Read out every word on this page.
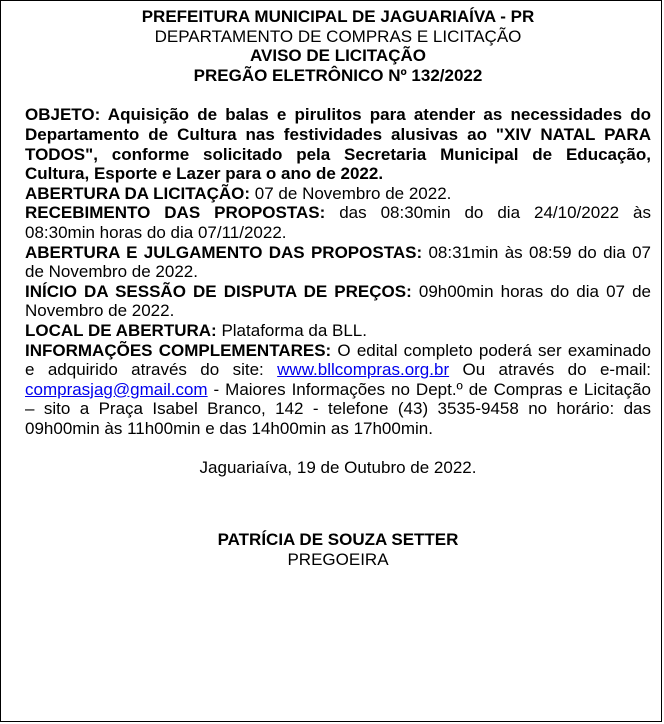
PREFEITURA MUNICIPAL DE JAGUARIAÍVA - PR
DEPARTAMENTO DE COMPRAS E LICITAÇÃO
AVISO DE LICITAÇÃO
PREGÃO ELETRÔNICO Nº 132/2022
OBJETO: Aquisição de balas e pirulitos para atender as necessidades do Departamento de Cultura nas festividades alusivas ao "XIV NATAL PARA TODOS", conforme solicitado pela Secretaria Municipal de Educação, Cultura, Esporte e Lazer para o ano de 2022.
ABERTURA DA LICITAÇÃO: 07 de Novembro de 2022.
RECEBIMENTO DAS PROPOSTAS: das 08:30min do dia 24/10/2022 às 08:30min horas do dia 07/11/2022.
ABERTURA E JULGAMENTO DAS PROPOSTAS: 08:31min às 08:59 do dia 07 de Novembro de 2022.
INÍCIO DA SESSÃO DE DISPUTA DE PREÇOS: 09h00min horas do dia 07 de Novembro de 2022.
LOCAL DE ABERTURA: Plataforma da BLL.
INFORMAÇÕES COMPLEMENTARES: O edital completo poderá ser examinado e adquirido através do site: www.bllcompras.org.br Ou através do e-mail: comprasjag@gmail.com - Maiores Informações no Dept.º de Compras e Licitação – sito a Praça Isabel Branco, 142 - telefone (43) 3535-9458 no horário: das 09h00min às 11h00min e das 14h00min as 17h00min.
Jaguariaíva, 19 de Outubro de 2022.
PATRÍCIA DE SOUZA SETTER
PREGOEIRA
